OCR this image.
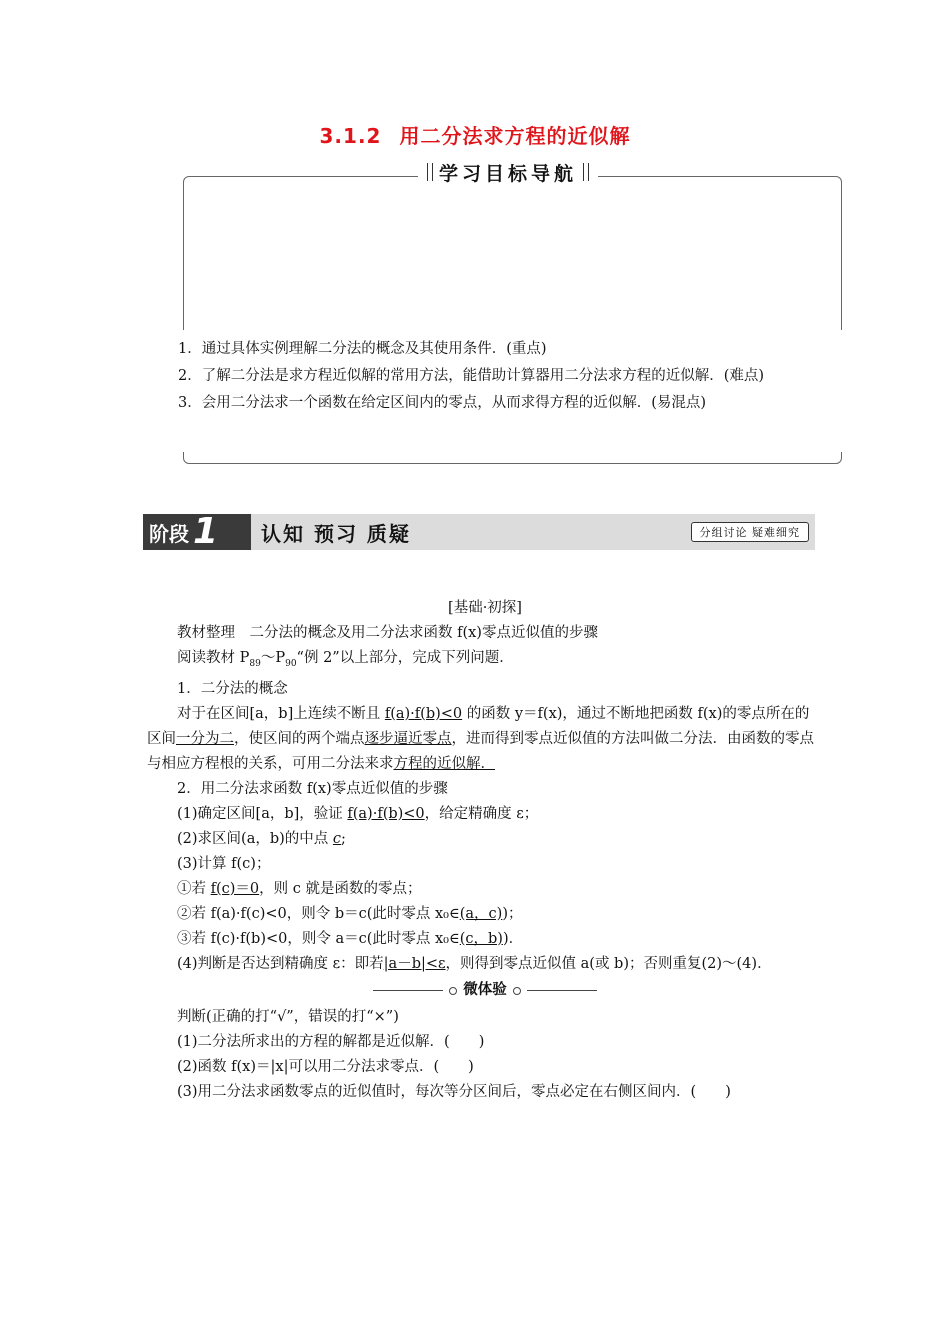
3.1.2 用二分法求方程的近似解
学习目标导航

1．通过具体实例理解二分法的概念及其使用条件．(重点)

2．了解二分法是求方程近似解的常用方法，能借助计算器用二分法求方程的近似解．(难点)

3．会用二分法求一个函数在给定区间内的零点，从而求得方程的近似解．(易混点)

阶段 1 认知 预习 质疑	分组讨论 疑难细究

[基础·初探]

教材整理　 二分法的概念及用二分法求函数 f(x)零点近似值的步骤

阅读教材 $P_{89}\sim P_{90}“$例 2”以上部分，完成下列问题．

1．二分法的概念

对于在区间[a，b]上连续不断且 f(a)·f(b)<0 的函数 y＝f(x)，通过不断地把函数 f(x)的零点所在的区间一分为二，使区间的两个端点逐步逼近零点，进而得到零点近似值的方法叫做二分法．由函数的零点与相应方程根的关系，可用二分法来求方程的近似解．

2．用二分法求函数 f(x)零点近似值的步骤

(1)确定区间[a，b]，验证 f(a)·f(b)<0，给定精确度 ε；

(2)求区间(a，b)的中点 c;

(3)计算 f(c)；

①若 f(c)＝0，则 c 就是函数的零点；

②若 f(a)·f(c)<0，则令 b＝c(此时零点 x₀∈(a，c))；

③若 f(c)·f(b)<0，则令 a＝c(此时零点 x₀∈(c，b))．

(4)判断是否达到精确度 ε：即若|a－b|<ε，则得到零点近似值 a(或 b)；否则重复(2)～(4)．

微体验

判断(正确的打“√”，错误的打“×”)

(1)二分法所求出的方程的解都是近似解．(　　)

(2)函数 f(x)＝|x|可以用二分法求零点．(　　)

(3)用二分法求函数零点的近似值时，每次等分区间后，零点必定在右侧区间内．(　　)
